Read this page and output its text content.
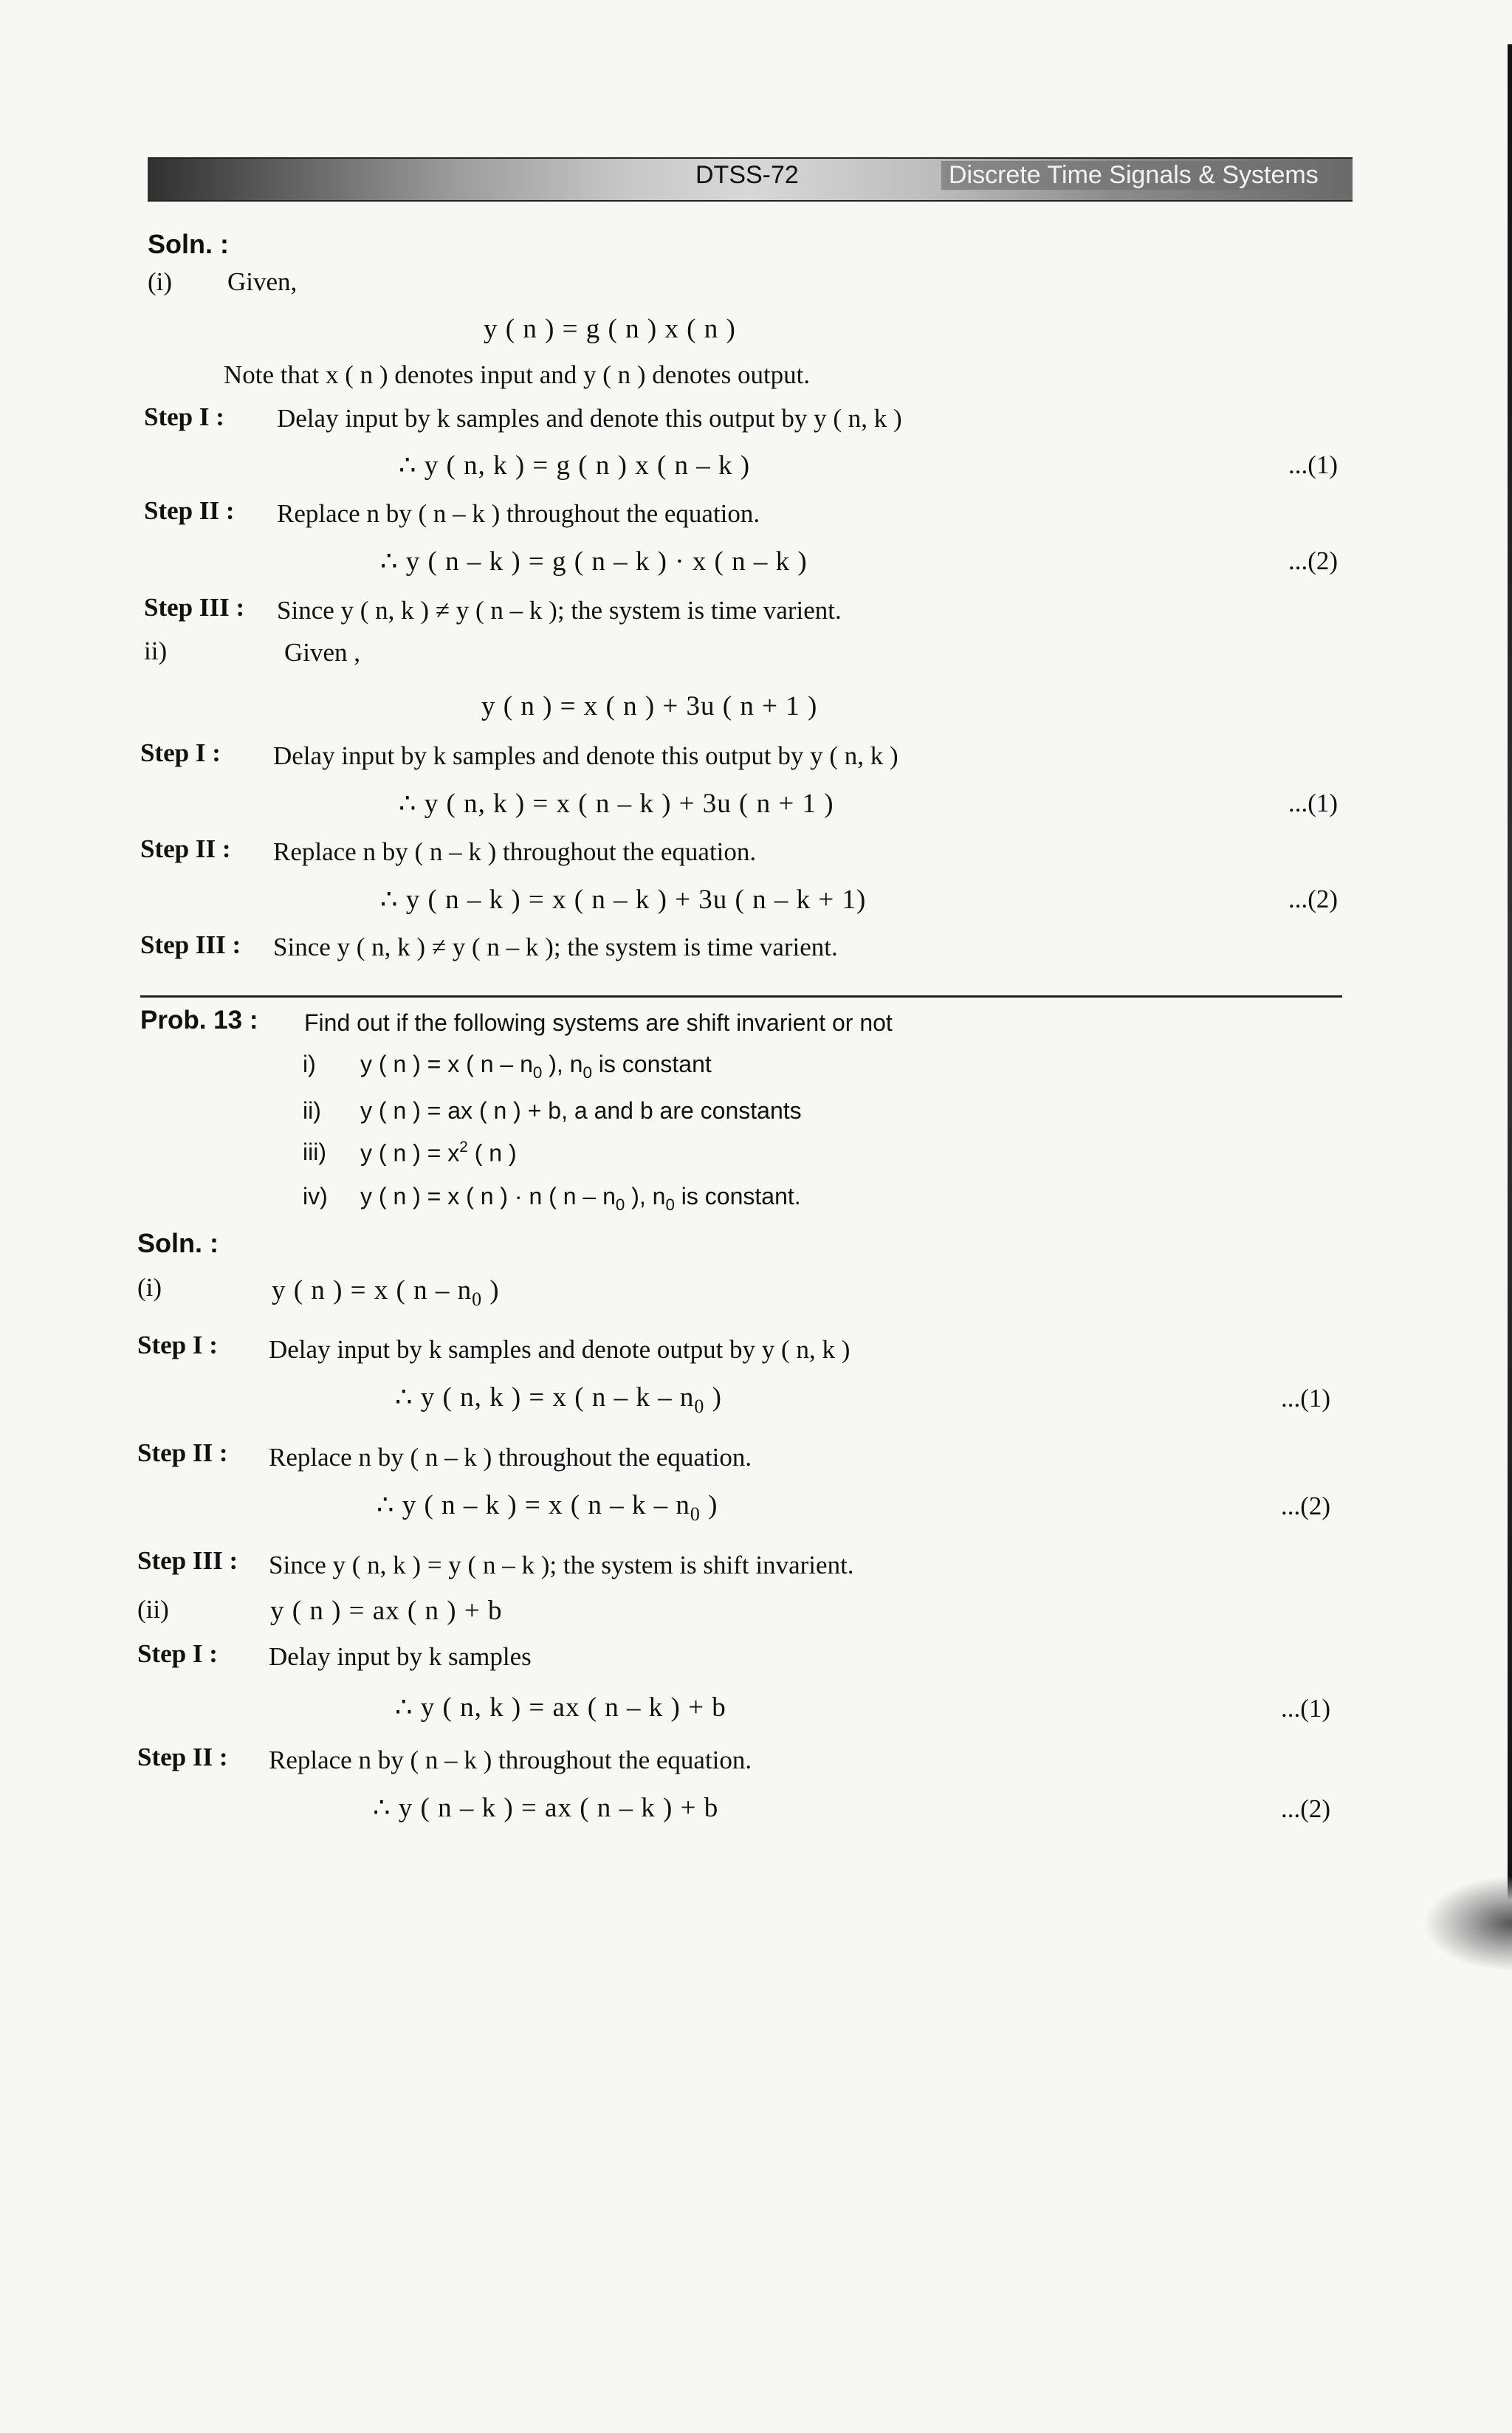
DTSS-72	Discrete Time Signals & Systems
Soln. :
(i) Given,
y ( n ) = g ( n ) x ( n )
Note that x ( n ) denotes input and y ( n ) denotes output.
Step I : Delay input by k samples and denote this output by y ( n, k )
∴ y ( n, k ) = g ( n ) x ( n – k )	...(1)
Step II : Replace n by ( n – k ) throughout the equation.
∴ y ( n – k ) = g ( n – k ) · x ( n – k )	...(2)
Step III : Since y ( n, k ) ≠ y ( n – k ); the system is time varient.
ii)	Given ,
y ( n ) = x ( n ) + 3u ( n + 1 )
Step I : Delay input by k samples and denote this output by y ( n, k )
∴ y ( n, k ) = x ( n – k ) + 3u ( n + 1 )	...(1)
Step II : Replace n by ( n – k ) throughout the equation.
∴ y ( n – k ) = x ( n – k ) + 3u ( n – k + 1)	...(2)
Step III : Since y ( n, k ) ≠ y ( n – k ); the system is time varient.
Prob. 13 : Find out if the following systems are shift invarient or not
i) y ( n ) = x ( n – $n_0$ ), $n_0$ is constant
ii) y ( n ) = ax ( n ) + b, a and b are constants
iii) y ( n ) = $x^2$ ( n )
iv) y ( n ) = x ( n ) · n ( n – $n_0$ ), $n_0$ is constant.
Soln. :
(i)	y ( n ) = x ( n – $n_0$ )
Step I : Delay input by k samples and denote output by y ( n, k )
∴ y ( n, k ) = x ( n – k – $n_0$ )	...(1)
Step II : Replace n by ( n – k ) throughout the equation.
∴ y ( n – k ) = x ( n – k – $n_0$ )	...(2)
Step III : Since y ( n, k ) = y ( n – k ); the system is shift invarient.
(ii)	y ( n ) = ax ( n ) + b
Step I : Delay input by k samples
∴ y ( n, k ) = ax ( n – k ) + b	...(1)
Step II : Replace n by ( n – k ) throughout the equation.
∴ y ( n – k ) = ax ( n – k ) + b	...(2)
